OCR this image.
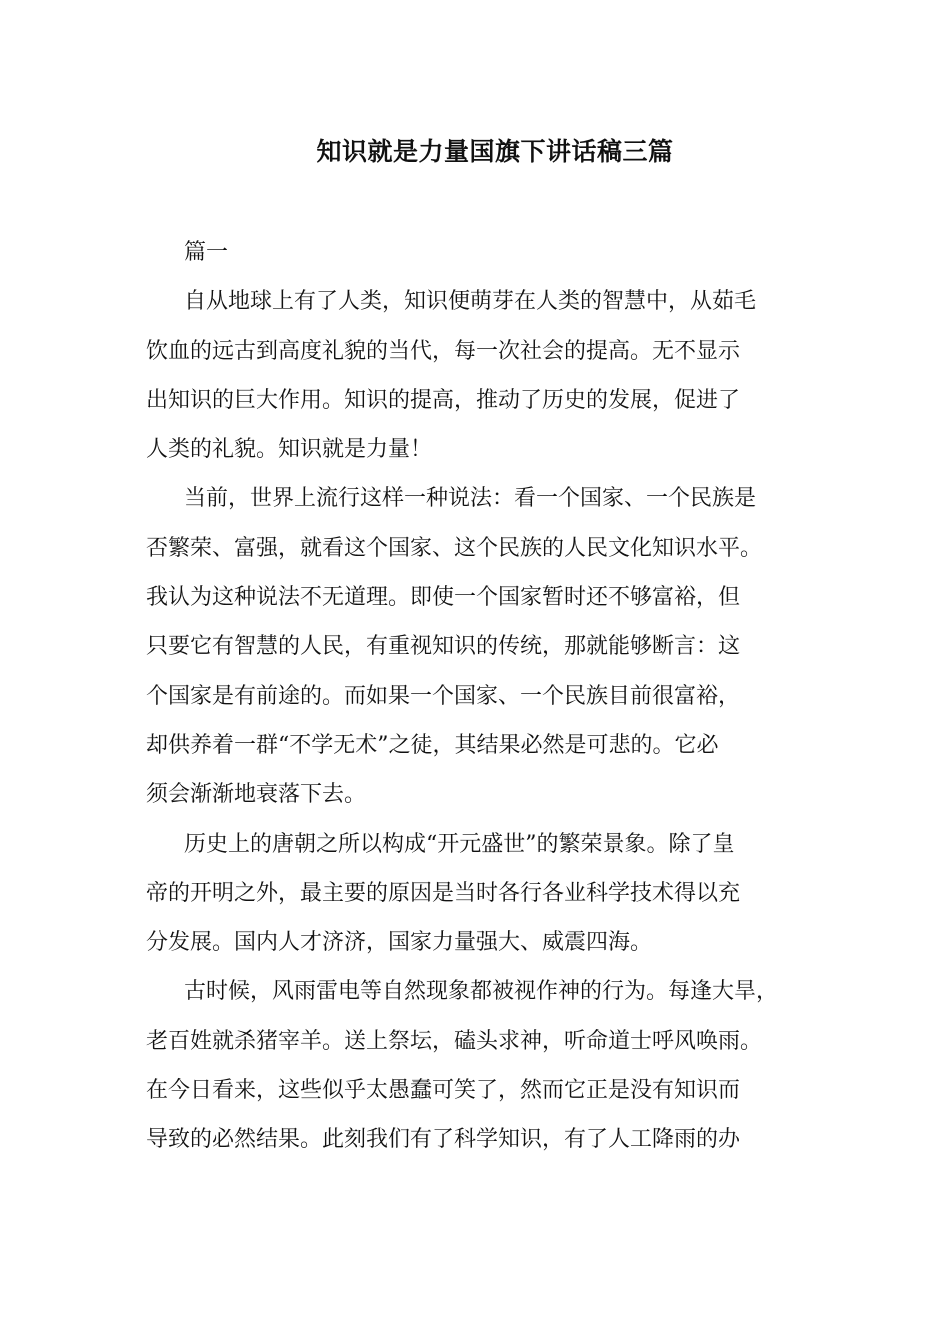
知识就是力量国旗下讲话稿三篇
篇一
自从地球上有了人类，知识便萌芽在人类的智慧中，从茹毛
饮血的远古到高度礼貌的当代，每一次社会的提高。无不显示
出知识的巨大作用。知识的提高，推动了历史的发展，促进了
人类的礼貌。知识就是力量！
当前，世界上流行这样一种说法：看一个国家、一个民族是
否繁荣、富强，就看这个国家、这个民族的人民文化知识水平。
我认为这种说法不无道理。即使一个国家暂时还不够富裕，但
只要它有智慧的人民，有重视知识的传统，那就能够断言：这
个国家是有前途的。而如果一个国家、一个民族目前很富裕，
却供养着一群“不学无术”之徒，其结果必然是可悲的。它必
须会渐渐地衰落下去。
历史上的唐朝之所以构成“开元盛世”的繁荣景象。除了皇
帝的开明之外，最主要的原因是当时各行各业科学技术得以充
分发展。国内人才济济，国家力量强大、威震四海。
古时候，风雨雷电等自然现象都被视作神的行为。每逢大旱，
老百姓就杀猪宰羊。送上祭坛，磕头求神，听命道士呼风唤雨。
在今日看来，这些似乎太愚蠢可笑了，然而它正是没有知识而
导致的必然结果。此刻我们有了科学知识，有了人工降雨的办
